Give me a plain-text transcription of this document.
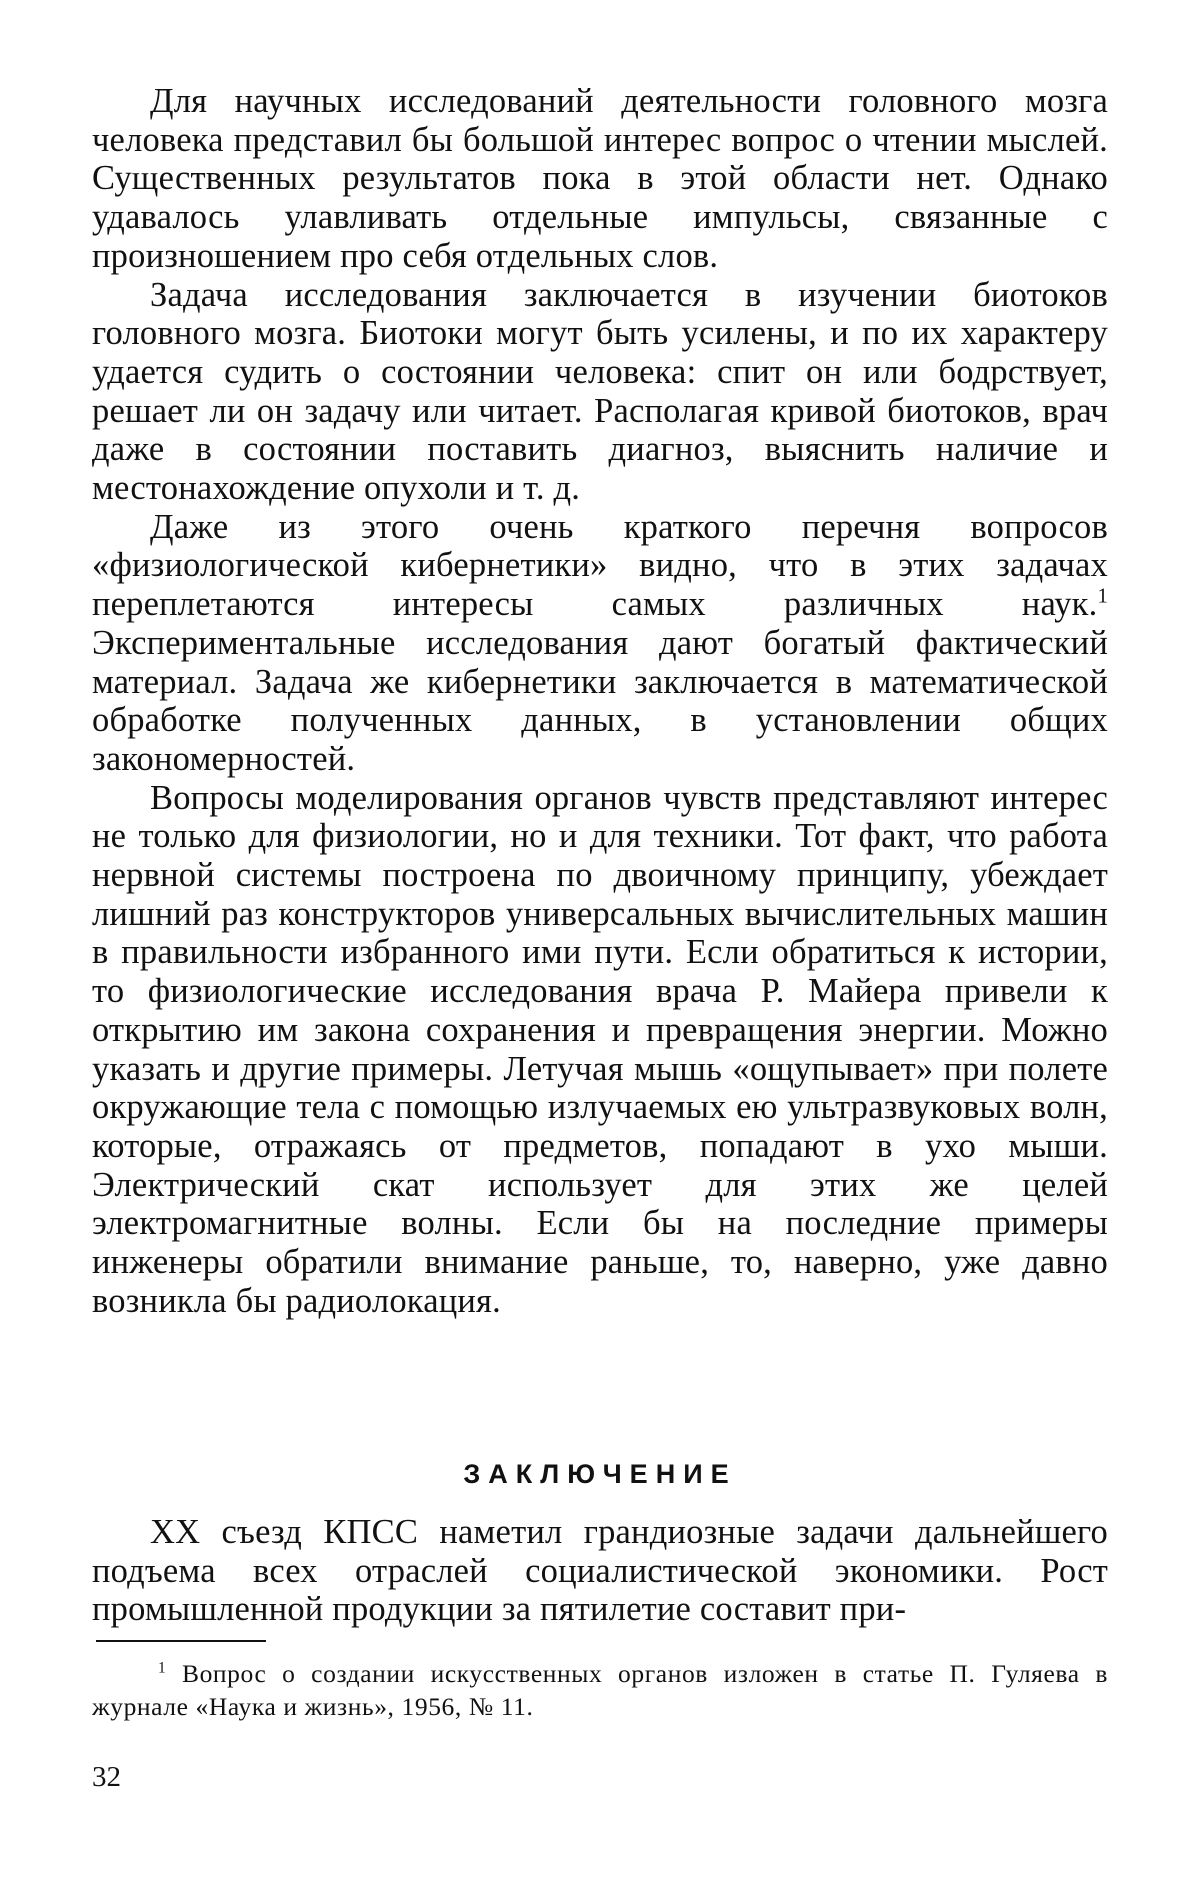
Для научных исследований деятельности головного мозга человека представил бы большой интерес вопрос о чтении мыслей. Существенных результатов пока в этой области нет. Однако удавалось улавливать отдельные импульсы, связанные с произношением про себя отдельных слов.

Задача исследования заключается в изучении биотоков головного мозга. Биотоки могут быть усилены, и по их характеру удается судить о состоянии человека: спит он или бодрствует, решает ли он задачу или читает. Располагая кривой биотоков, врач даже в состоянии поставить диагноз, выяснить наличие и местонахождение опухоли и т. д.

Даже из этого очень краткого перечня вопросов «физиологической кибернетики» видно, что в этих задачах переплетаются интересы самых различных наук.$^1$ Экспериментальные исследования дают богатый фактический материал. Задача же кибернетики заключается в математической обработке полученных данных, в установлении общих закономерностей.

Вопросы моделирования органов чувств представляют интерес не только для физиологии, но и для техники. Тот факт, что работа нервной системы построена по двоичному принципу, убеждает лишний раз конструкторов универсальных вычислительных машин в правильности избранного ими пути. Если обратиться к истории, то физиологические исследования врача Р. Майера привели к открытию им закона сохранения и превращения энергии. Можно указать и другие примеры. Летучая мышь «ощупывает» при полете окружающие тела с помощью излучаемых ею ультразвуковых волн, которые, отражаясь от предметов, попадают в ухо мыши. Электрический скат использует для этих же целей электромагнитные волны. Если бы на последние примеры инженеры обратили внимание раньше, то, наверно, уже давно возникла бы радиолокация.

ЗАКЛЮЧЕНИЕ

XX съезд КПСС наметил грандиозные задачи дальнейшего подъема всех отраслей социалистической экономики. Рост промышленной продукции за пятилетие составит при-

$^1$ Вопрос о создании искусственных органов изложен в статье П. Гуляева в журнале «Наука и жизнь», 1956, № 11.

32
